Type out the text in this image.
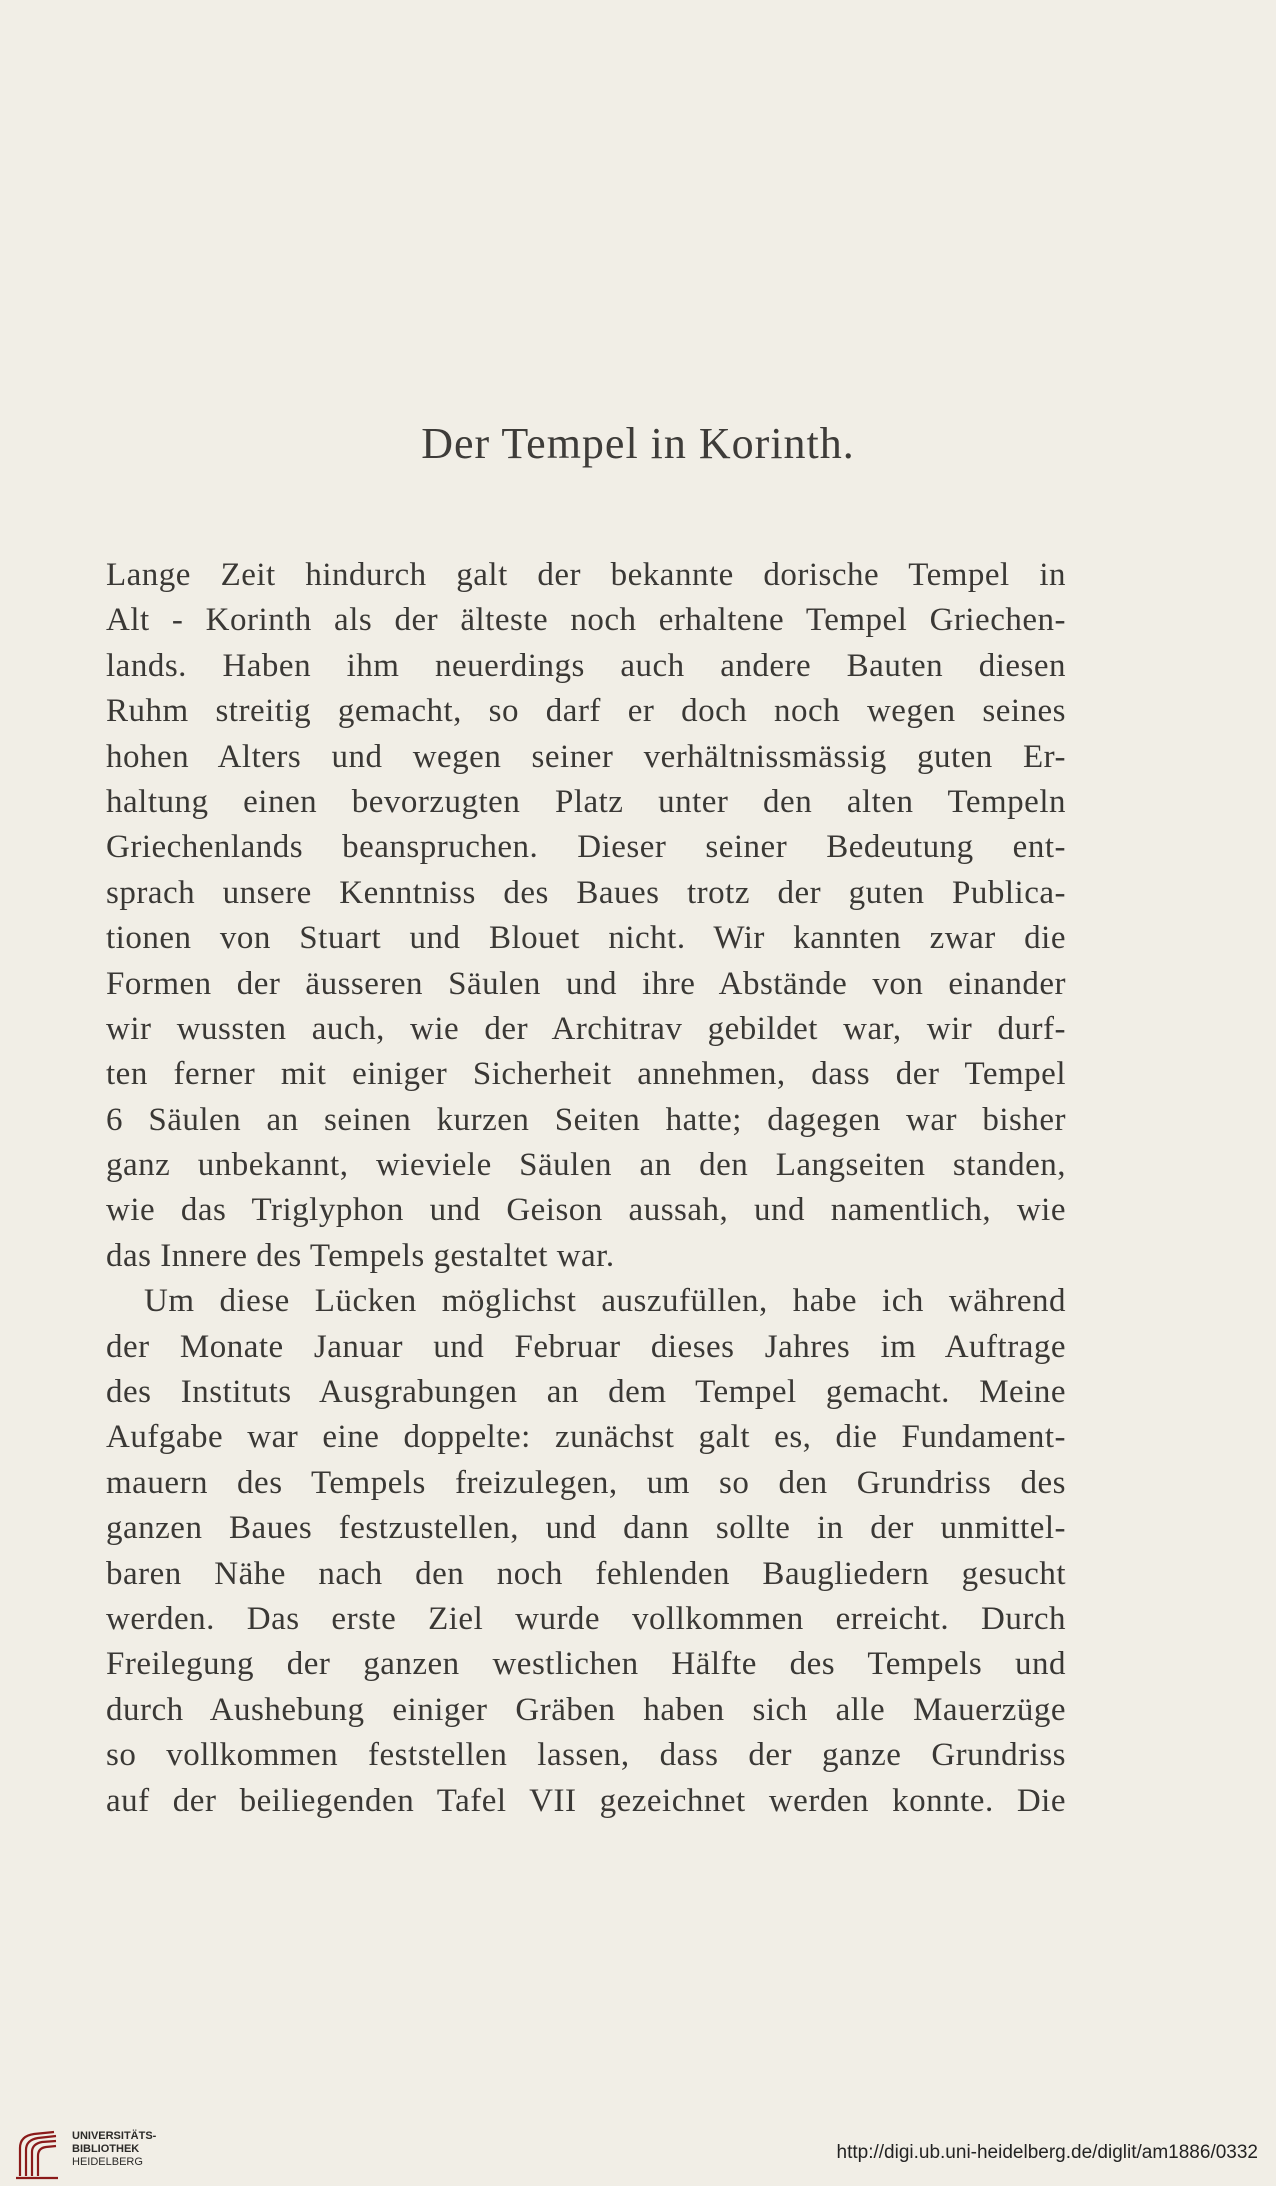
Der Tempel in Korinth.
Lange Zeit hindurch galt der bekannte dorische Tempel in
Alt - Korinth als der älteste noch erhaltene Tempel Griechen-
lands. Haben ihm neuerdings auch andere Bauten diesen
Ruhm streitig gemacht, so darf er doch noch wegen seines
hohen Alters und wegen seiner verhältnissmässig guten Er-
haltung einen bevorzugten Platz unter den alten Tempeln
Griechenlands beanspruchen. Dieser seiner Bedeutung ent-
sprach unsere Kenntniss des Baues trotz der guten Publica-
tionen von Stuart und Blouet nicht. Wir kannten zwar die
Formen der äusseren Säulen und ihre Abstände von einander
wir wussten auch, wie der Architrav gebildet war, wir durf-
ten ferner mit einiger Sicherheit annehmen, dass der Tempel
6 Säulen an seinen kurzen Seiten hatte; dagegen war bisher
ganz unbekannt, wieviele Säulen an den Langseiten standen,
wie das Triglyphon und Geison aussah, und namentlich, wie
das Innere des Tempels gestaltet war.
Um diese Lücken möglichst auszufüllen, habe ich während
der Monate Januar und Februar dieses Jahres im Auftrage
des Instituts Ausgrabungen an dem Tempel gemacht. Meine
Aufgabe war eine doppelte: zunächst galt es, die Fundament-
mauern des Tempels freizulegen, um so den Grundriss des
ganzen Baues festzustellen, und dann sollte in der unmittel-
baren Nähe nach den noch fehlenden Baugliedern gesucht
werden. Das erste Ziel wurde vollkommen erreicht. Durch
Freilegung der ganzen westlichen Hälfte des Tempels und
durch Aushebung einiger Gräben haben sich alle Mauerzüge
so vollkommen feststellen lassen, dass der ganze Grundriss
auf der beiliegenden Tafel VII gezeichnet werden konnte. Die
UNIVERSITÄTS-
BIBLIOTHEK
HEIDELBERG	http://digi.ub.uni-heidelberg.de/diglit/am1886/0332
